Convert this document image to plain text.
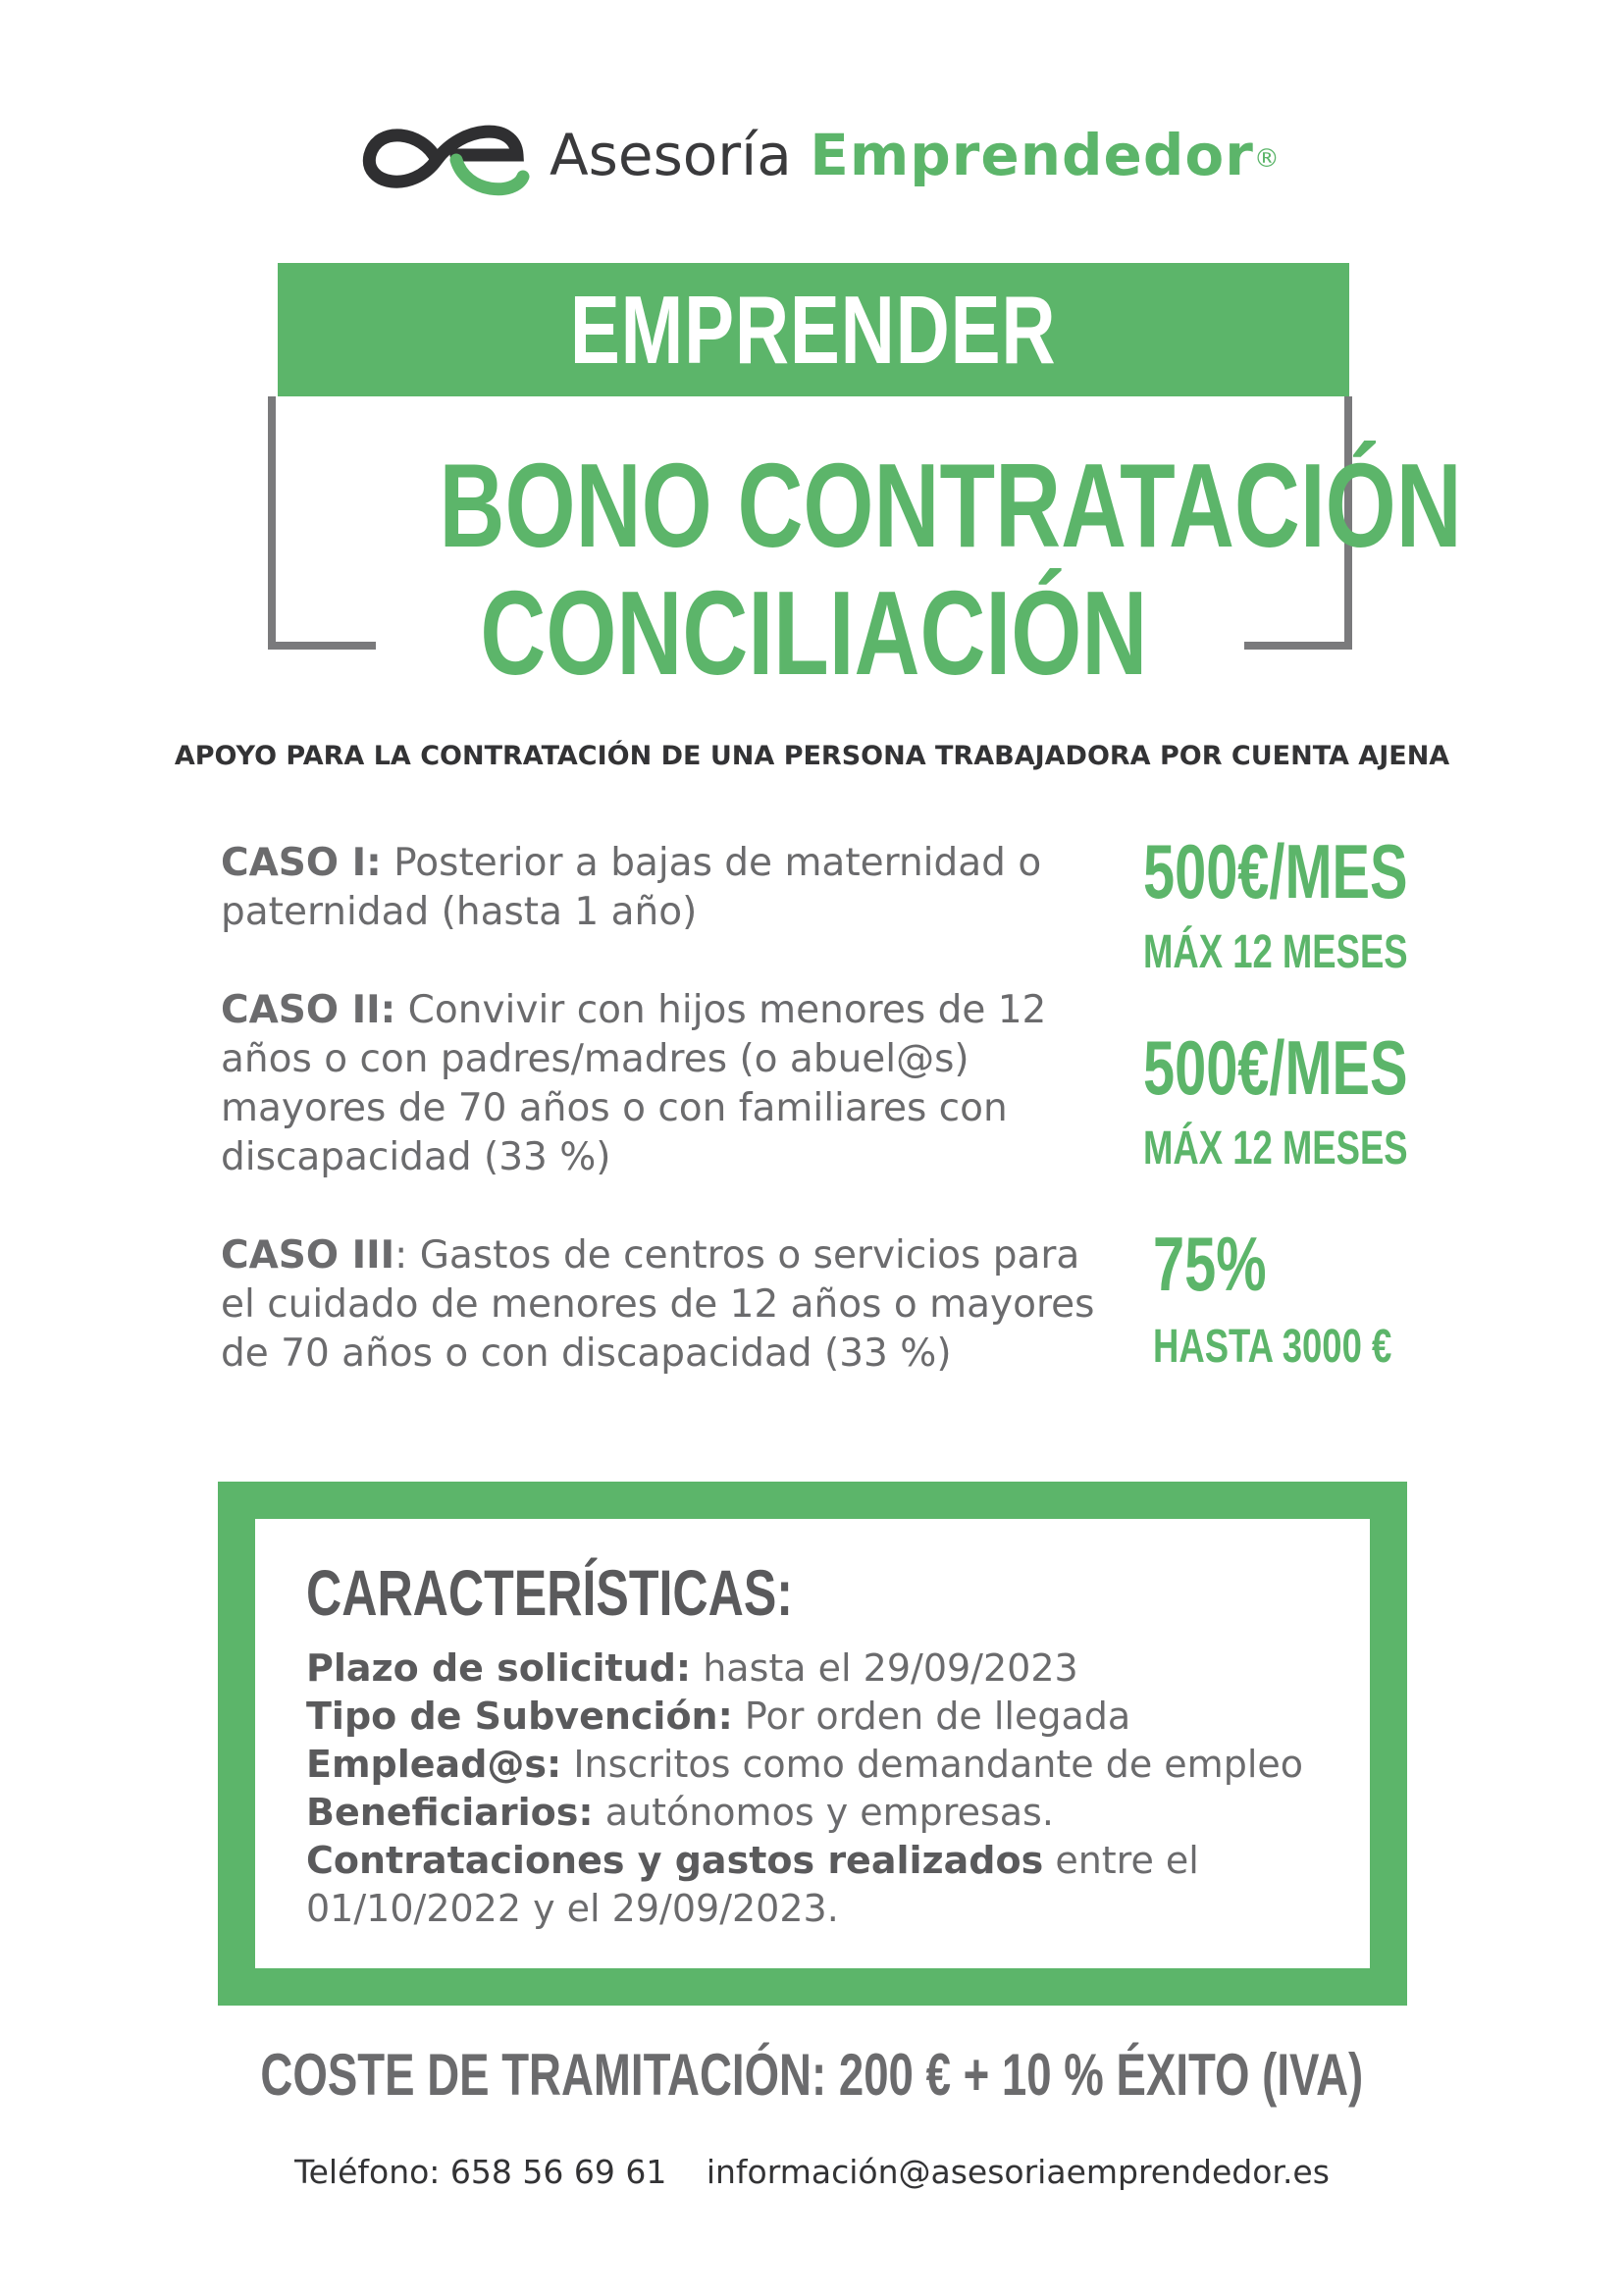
Asesoría Emprendedor®
EMPRENDER
BONO CONTRATACIÓN
CONCILIACIÓN
APOYO PARA LA CONTRATACIÓN DE UNA PERSONA TRABAJADORA POR CUENTA AJENA
CASO I: Posterior a bajas de maternidad o paternidad (hasta 1 año)	500€/MES
MÁX 12 MESES
CASO II: Convivir con hijos menores de 12 años o con padres/madres (o abuel@s) mayores de 70 años o con familiares con discapacidad (33 %)
500€/MES
MÁX 12 MESES
CASO III: Gastos de centros o servicios para el cuidado de menores de 12 años o mayores de 70 años o con discapacidad (33 %)
75%
HASTA 3000 €
CARACTERÍSTICAS:
Plazo de solicitud: hasta el 29/09/2023
Tipo de Subvención: Por orden de llegada
Emplead@s: Inscritos como demandante de empleo
Beneficiarios: autónomos y empresas.
Contrataciones y gastos realizados entre el
01/10/2022 y el 29/09/2023.
COSTE DE TRAMITACIÓN: 200 € + 10 % ÉXITO (IVA)
Teléfono: 658 56 69 61 información@asesoriaemprendedor.es
